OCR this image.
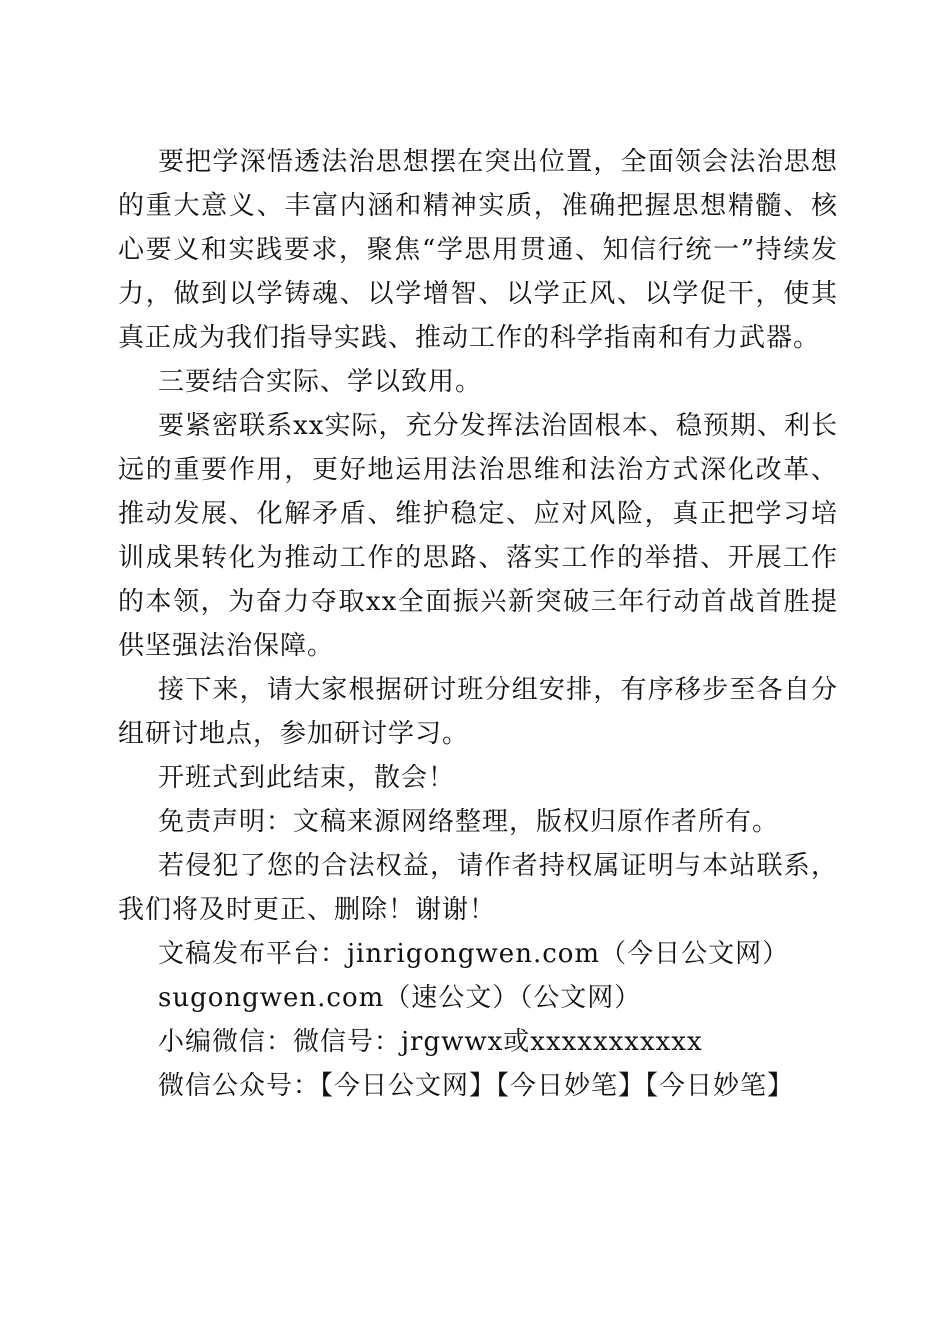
要把学深悟透法治思想摆在突出位置，全面领会法治思想的重大意义、丰富内涵和精神实质，准确把握思想精髓、核心要义和实践要求，聚焦“学思用贯通、知信行统一”持续发力，做到以学铸魂、以学增智、以学正风、以学促干，使其真正成为我们指导实践、推动工作的科学指南和有力武器。

三要结合实际、学以致用。

要紧密联系xx实际，充分发挥法治固根本、稳预期、利长远的重要作用，更好地运用法治思维和法治方式深化改革、推动发展、化解矛盾、维护稳定、应对风险，真正把学习培训成果转化为推动工作的思路、落实工作的举措、开展工作的本领，为奋力夺取xx全面振兴新突破三年行动首战首胜提供坚强法治保障。

接下来，请大家根据研讨班分组安排，有序移步至各自分组研讨地点，参加研讨学习。

开班式到此结束，散会！

免责声明：文稿来源网络整理，版权归原作者所有。

若侵犯了您的合法权益，请作者持权属证明与本站联系，我们将及时更正、删除！谢谢！

文稿发布平台：jinrigongwen.com（今日公文网）

sugongwen.com（速公文）（公文网）

小编微信：微信号：jrgwwx或xxxxxxxxxxx

微信公众号：【今日公文网】【今日妙笔】【今日妙笔】
